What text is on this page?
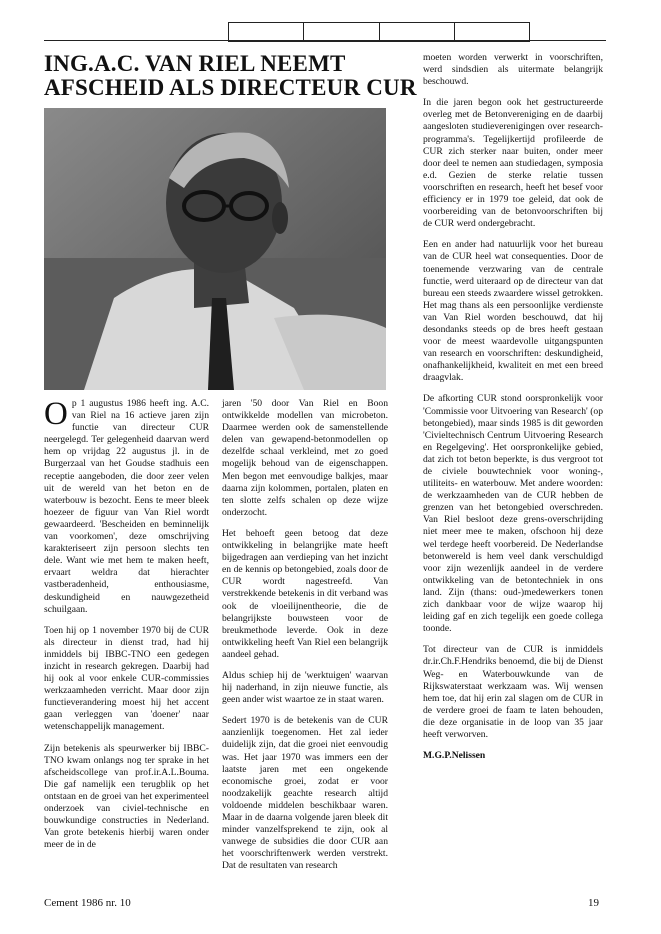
ING.A.C. VAN RIEL NEEMT
AFSCHEID ALS DIRECTEUR CUR

Op 1 augustus 1986 heeft ing. A.C. van Riel na 16 actieve jaren zijn functie van directeur CUR neergelegd. Ter gelegenheid daarvan werd hem op vrijdag 22 augustus jl. in de Burgerzaal van het Goudse stadhuis een receptie aangeboden, die door zeer velen uit de wereld van het beton en de waterbouw is bezocht. Eens te meer bleek hoezeer de figuur van Van Riel wordt gewaardeerd. 'Bescheiden en beminnelijk van voorkomen', deze omschrijving karakteriseert zijn persoon slechts ten dele. Want wie met hem te maken heeft, ervaart weldra dat hierachter vastberadenheid, enthousiasme, deskundigheid en nauwgezetheid schuilgaan.

Toen hij op 1 november 1970 bij de CUR als directeur in dienst trad, had hij inmiddels bij IBBC-TNO een gedegen inzicht in research gekregen. Daarbij had hij ook al voor enkele CUR-commissies werkzaamheden verricht. Maar door zijn functieverandering moest hij het accent gaan verleggen van 'doener' naar wetenschappelijk management.

Zijn betekenis als speurwerker bij IBBC-TNO kwam onlangs nog ter sprake in het afscheidscollege van prof.ir.A.L.Bouma. Die gaf namelijk een terugblik op het ontstaan en de groei van het experimenteel onderzoek van civiel-technische en bouwkundige constructies in Nederland. Van grote betekenis hierbij waren onder meer de in de

jaren '50 door Van Riel en Boon ontwikkelde modellen van microbeton. Daarmee werden ook de samenstellende delen van gewapend-betonmodellen op dezelfde schaal verkleind, met zo goed mogelijk behoud van de eigenschappen. Men begon met eenvoudige balkjes, maar daarna zijn kolommen, portalen, platen en ten slotte zelfs schalen op deze wijze onderzocht.

Het behoeft geen betoog dat deze ontwikkeling in belangrijke mate heeft bijgedragen aan verdieping van het inzicht en de kennis op betongebied, zoals door de CUR wordt nagestreefd. Van verstrekkende betekenis in dit verband was ook de vloeilijnentheorie, die de belangrijkste bouwsteen voor de breukmethode leverde. Ook in deze ontwikkeling heeft Van Riel een belangrijk aandeel gehad.

Aldus schiep hij de 'werktuigen' waarvan hij naderhand, in zijn nieuwe functie, als geen ander wist waartoe ze in staat waren.

Sedert 1970 is de betekenis van de CUR aanzienlijk toegenomen. Het zal ieder duidelijk zijn, dat die groei niet eenvoudig was. Het jaar 1970 was immers een der laatste jaren met een ongekende economische groei, zodat er voor noodzakelijk geachte research altijd voldoende middelen beschikbaar waren. Maar in de daarna volgende jaren bleek dit minder vanzelfsprekend te zijn, ook al vanwege de subsidies die door CUR aan het voorschriftenwerk werden verstrekt. Dat de resultaten van research

moeten worden verwerkt in voorschriften, werd sindsdien als uitermate belangrijk beschouwd.

In die jaren begon ook het gestructureerde overleg met de Betonvereniging en de daarbij aangesloten studieverenigingen over research-programma's. Tegelijkertijd profileerde de CUR zich sterker naar buiten, onder meer door deel te nemen aan studiedagen, symposia e.d. Gezien de sterke relatie tussen voorschriften en research, heeft het besef voor efficiency er in 1979 toe geleid, dat ook de voorbereiding van de betonvoorschriften bij de CUR werd ondergebracht.

Een en ander had natuurlijk voor het bureau van de CUR heel wat consequenties. Door de toenemende verzwaring van de centrale functie, werd uiteraard op de directeur van dat bureau een steeds zwaardere wissel getrokken. Het mag thans als een persoonlijke verdienste van Van Riel worden beschouwd, dat hij desondanks steeds op de bres heeft gestaan voor de meest waardevolle uitgangspunten van research en voorschriften: deskundigheid, onafhankelijkheid, kwaliteit en met een breed draagvlak.

De afkorting CUR stond oorspronkelijk voor 'Commissie voor Uitvoering van Research' (op betongebied), maar sinds 1985 is dit geworden 'Civieltechnisch Centrum Uitvoering Research en Regelgeving'. Het oorspronkelijke gebied, dat zich tot beton beperkte, is dus vergroot tot de civiele bouwtechniek voor woning-, utiliteits- en waterbouw. Met andere woorden: de werkzaamheden van de CUR hebben de grenzen van het betongebied overschreden. Van Riel besloot deze grens-overschrijding niet meer mee te maken, ofschoon hij deze wel terdege heeft voorbereid. De Nederlandse betonwereld is hem veel dank verschuldigd voor zijn wezenlijk aandeel in de verdere ontwikkeling van de betontechniek in ons land. Zijn (thans: oud-)medewerkers tonen zich dankbaar voor de wijze waarop hij leiding gaf en zich tegelijk een goede collega toonde.

Tot directeur van de CUR is inmiddels dr.ir.Ch.F.Hendriks benoemd, die bij de Dienst Weg- en Waterbouwkunde van de Rijkswaterstaat werkzaam was. Wij wensen hem toe, dat hij erin zal slagen om de CUR in de verdere groei de faam te laten behouden, die deze organisatie in de loop van 35 jaar heeft verworven.

M.G.P.Nelissen

Cement 1986 nr. 10	19
